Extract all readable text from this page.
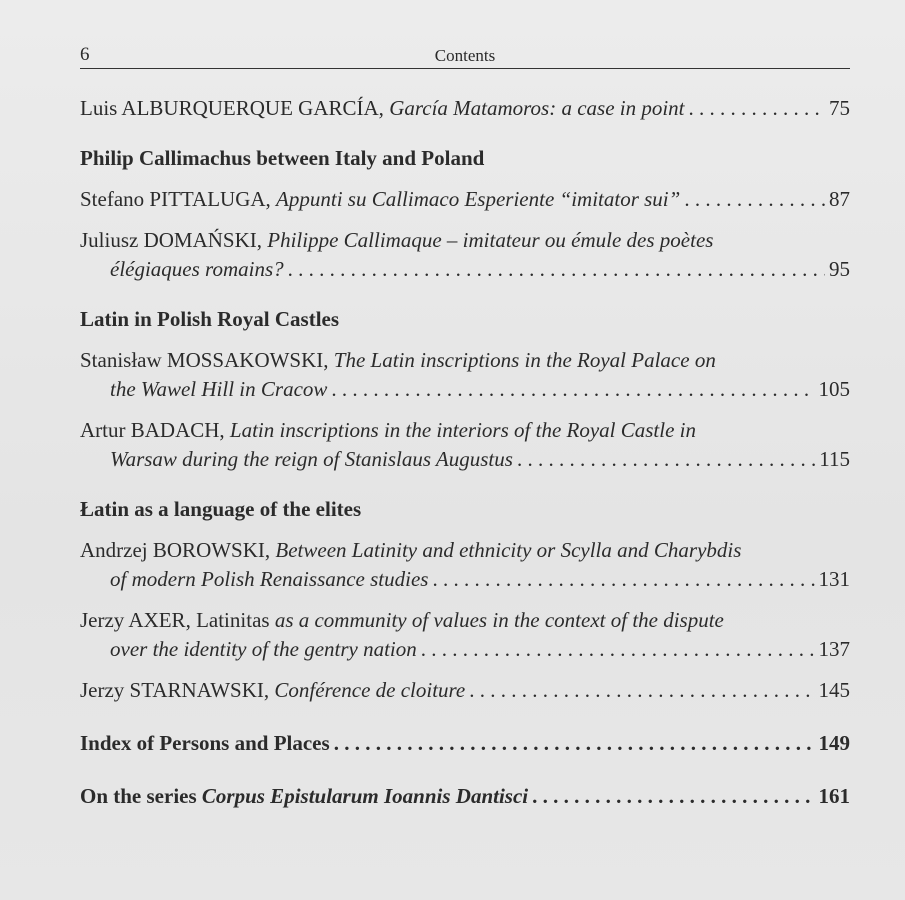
6	Contents
Luis ALBURQUERQUE GARCÍA, García Matamoros: a case in point . . .	75
Philip Callimachus between Italy and Poland
Stefano PITTALUGA, Appunti su Callimaco Esperiente “imitator sui” . . .	87
Juliusz DOMAŃSKI, Philippe Callimaque – imitateur ou émule des poètes
élégiaques romains? . . .	95
Latin in Polish Royal Castles
Stanisław MOSSAKOWSKI, The Latin inscriptions in the Royal Palace on
the Wawel Hill in Cracow . . .	105
Artur BADACH, Latin inscriptions in the interiors of the Royal Castle in
Warsaw during the reign of Stanislaus Augustus . . .	115
Łatin as a language of the elites
Andrzej BOROWSKI, Between Latinity and ethnicity or Scylla and Charybdis
of modern Polish Renaissance studies . . .	131
Jerzy AXER, Latinitas as a community of values in the context of the dispute
over the identity of the gentry nation . . .	137
Jerzy STARNAWSKI, Conférence de cloiture . . .	145
Index of Persons and Places . . .	149
On the series Corpus Epistularum Ioannis Dantisci . . .	161
